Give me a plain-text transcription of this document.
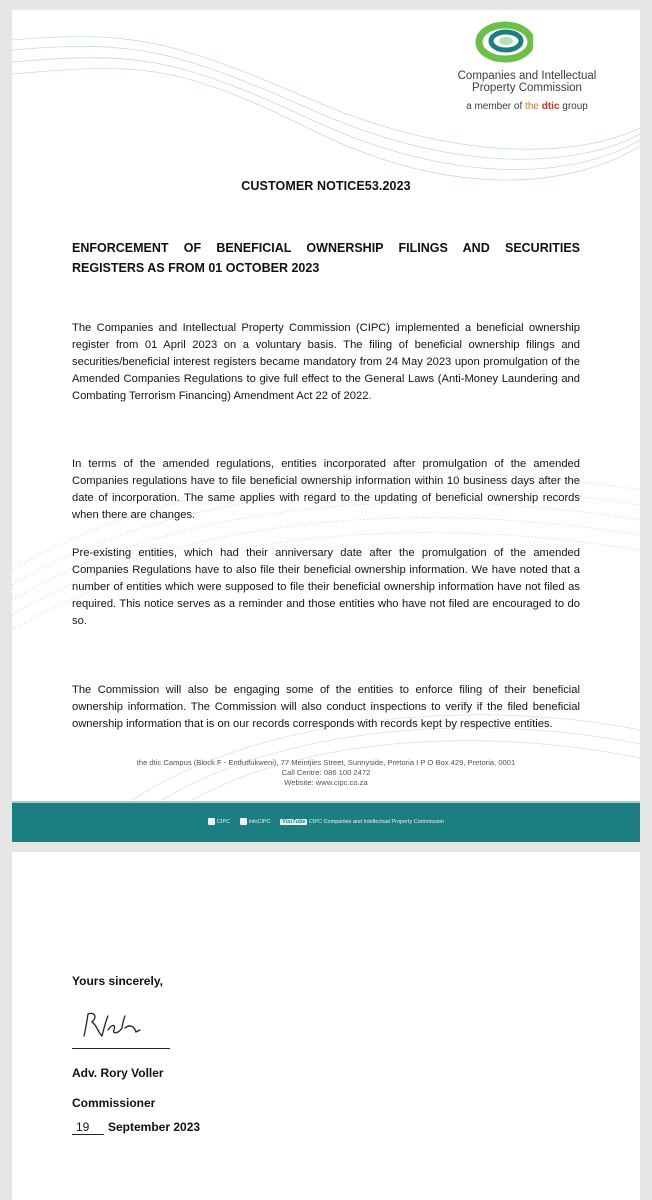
Companies and Intellectual
Property Commission
a member of the dtic group
CUSTOMER NOTICE53.2023
ENFORCEMENT OF BENEFICIAL OWNERSHIP FILINGS AND SECURITIES REGISTERS AS FROM 01 OCTOBER 2023
The Companies and Intellectual Property Commission (CIPC) implemented a beneficial ownership register from 01 April 2023 on a voluntary basis. The filing of beneficial ownership filings and securities/beneficial interest registers became mandatory from 24 May 2023 upon promulgation of the Amended Companies Regulations to give full effect to the General Laws (Anti-Money Laundering and Combating Terrorism Financing) Amendment Act 22 of 2022.
In terms of the amended regulations, entities incorporated after promulgation of the amended Companies regulations have to file beneficial ownership information within 10 business days after the date of incorporation. The same applies with regard to the updating of beneficial ownership records when there are changes.
Pre-existing entities, which had their anniversary date after the promulgation of the amended Companies Regulations have to also file their beneficial ownership information. We have noted that a number of entities which were supposed to file their beneficial ownership information have not filed as required. This notice serves as a reminder and those entities who have not filed are encouraged to do so.
The Commission will also be engaging some of the entities to enforce filing of their beneficial ownership information. The Commission will also conduct inspections to verify if the filed beneficial ownership information that is on our records corresponds with records kept by respective entities.
the dtic Campus (Block F - Entfutfukweni), 77 Meintjies Street, Sunnyside, Pretoria I P O Box 429, Pretoria, 0001
Call Centre: 086 100 2472
Website: www.cipc.co.za
CIPC	infoCIPC YouTube CIPC Companies and Intellectual Property Commission
Yours sincerely,
Adv. Rory Voller
Commissioner
19 September 2023
